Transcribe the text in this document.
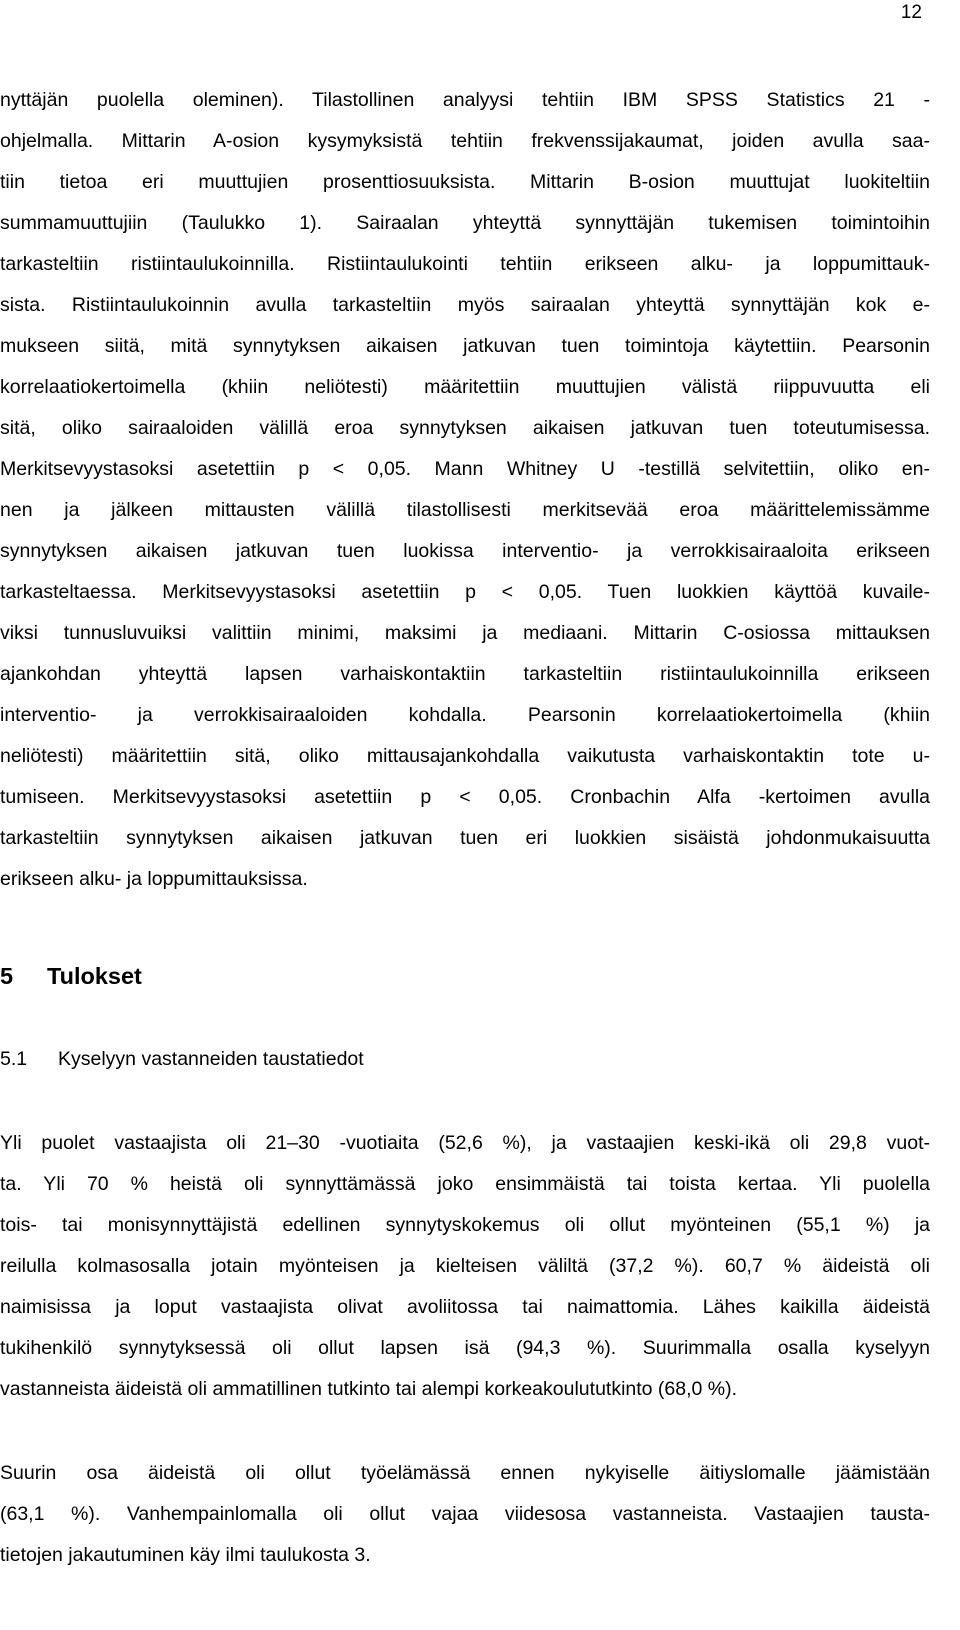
12
nyttäjän puolella oleminen). Tilastollinen analyysi tehtiin IBM SPSS Statistics 21 -
ohjelmalla. Mittarin A-osion kysymyksistä tehtiin frekvenssijakaumat, joiden avulla saa-
tiin tietoa eri muuttujien prosenttiosuuksista. Mittarin B-osion muuttujat luokiteltiin
summamuuttujiin (Taulukko 1). Sairaalan yhteyttä synnyttäjän tukemisen toimintoihin
tarkasteltiin ristiintaulukoinnilla. Ristiintaulukointi tehtiin erikseen alku- ja loppumittauk-
sista. Ristiintaulukoinnin avulla tarkasteltiin myös sairaalan yhteyttä synnyttäjän kok e-
mukseen siitä, mitä synnytyksen aikaisen jatkuvan tuen toimintoja käytettiin. Pearsonin
korrelaatiokertoimella (khiin neliötesti) määritettiin muuttujien välistä riippuvuutta eli
sitä, oliko sairaaloiden välillä eroa synnytyksen aikaisen jatkuvan tuen toteutumisessa.
Merkitsevyystasoksi asetettiin p < 0,05. Mann Whitney U -testillä selvitettiin, oliko en-
nen ja jälkeen mittausten välillä tilastollisesti merkitsevää eroa määrittelemissämme
synnytyksen aikaisen jatkuvan tuen luokissa interventio- ja verrokkisairaaloita erikseen
tarkasteltaessa. Merkitsevyystasoksi asetettiin p < 0,05. Tuen luokkien käyttöä kuvaile-
viksi tunnusluvuiksi valittiin minimi, maksimi ja mediaani. Mittarin C-osiossa mittauksen
ajankohdan yhteyttä lapsen varhaiskontaktiin tarkasteltiin ristiintaulukoinnilla erikseen
interventio- ja verrokkisairaaloiden kohdalla. Pearsonin korrelaatiokertoimella (khiin
neliötesti) määritettiin sitä, oliko mittausajankohdalla vaikutusta varhaiskontaktin tote u-
tumiseen. Merkitsevyystasoksi asetettiin p < 0,05. Cronbachin Alfa -kertoimen avulla
tarkasteltiin synnytyksen aikaisen jatkuvan tuen eri luokkien sisäistä johdonmukaisuutta
erikseen alku- ja loppumittauksissa.
5 Tulokset
5.1 Kyselyyn vastanneiden taustatiedot
Yli puolet vastaajista oli 21–30 -vuotiaita (52,6 %), ja vastaajien keski-ikä oli 29,8 vuot-
ta. Yli 70 % heistä oli synnyttämässä joko ensimmäistä tai toista kertaa. Yli puolella
tois- tai monisynnyttäjistä edellinen synnytyskokemus oli ollut myönteinen (55,1 %) ja
reilulla kolmasosalla jotain myönteisen ja kielteisen väliltä (37,2 %). 60,7 % äideistä oli
naimisissa ja loput vastaajista olivat avoliitossa tai naimattomia. Lähes kaikilla äideistä
tukihenkilö synnytyksessä oli ollut lapsen isä (94,3 %). Suurimmalla osalla kyselyyn
vastanneista äideistä oli ammatillinen tutkinto tai alempi korkeakoulututkinto (68,0 %).
Suurin osa äideistä oli ollut työelämässä ennen nykyiselle äitiyslomalle jäämistään
(63,1 %). Vanhempainlomalla oli ollut vajaa viidesosa vastanneista. Vastaajien tausta-
tietojen jakautuminen käy ilmi taulukosta 3.
